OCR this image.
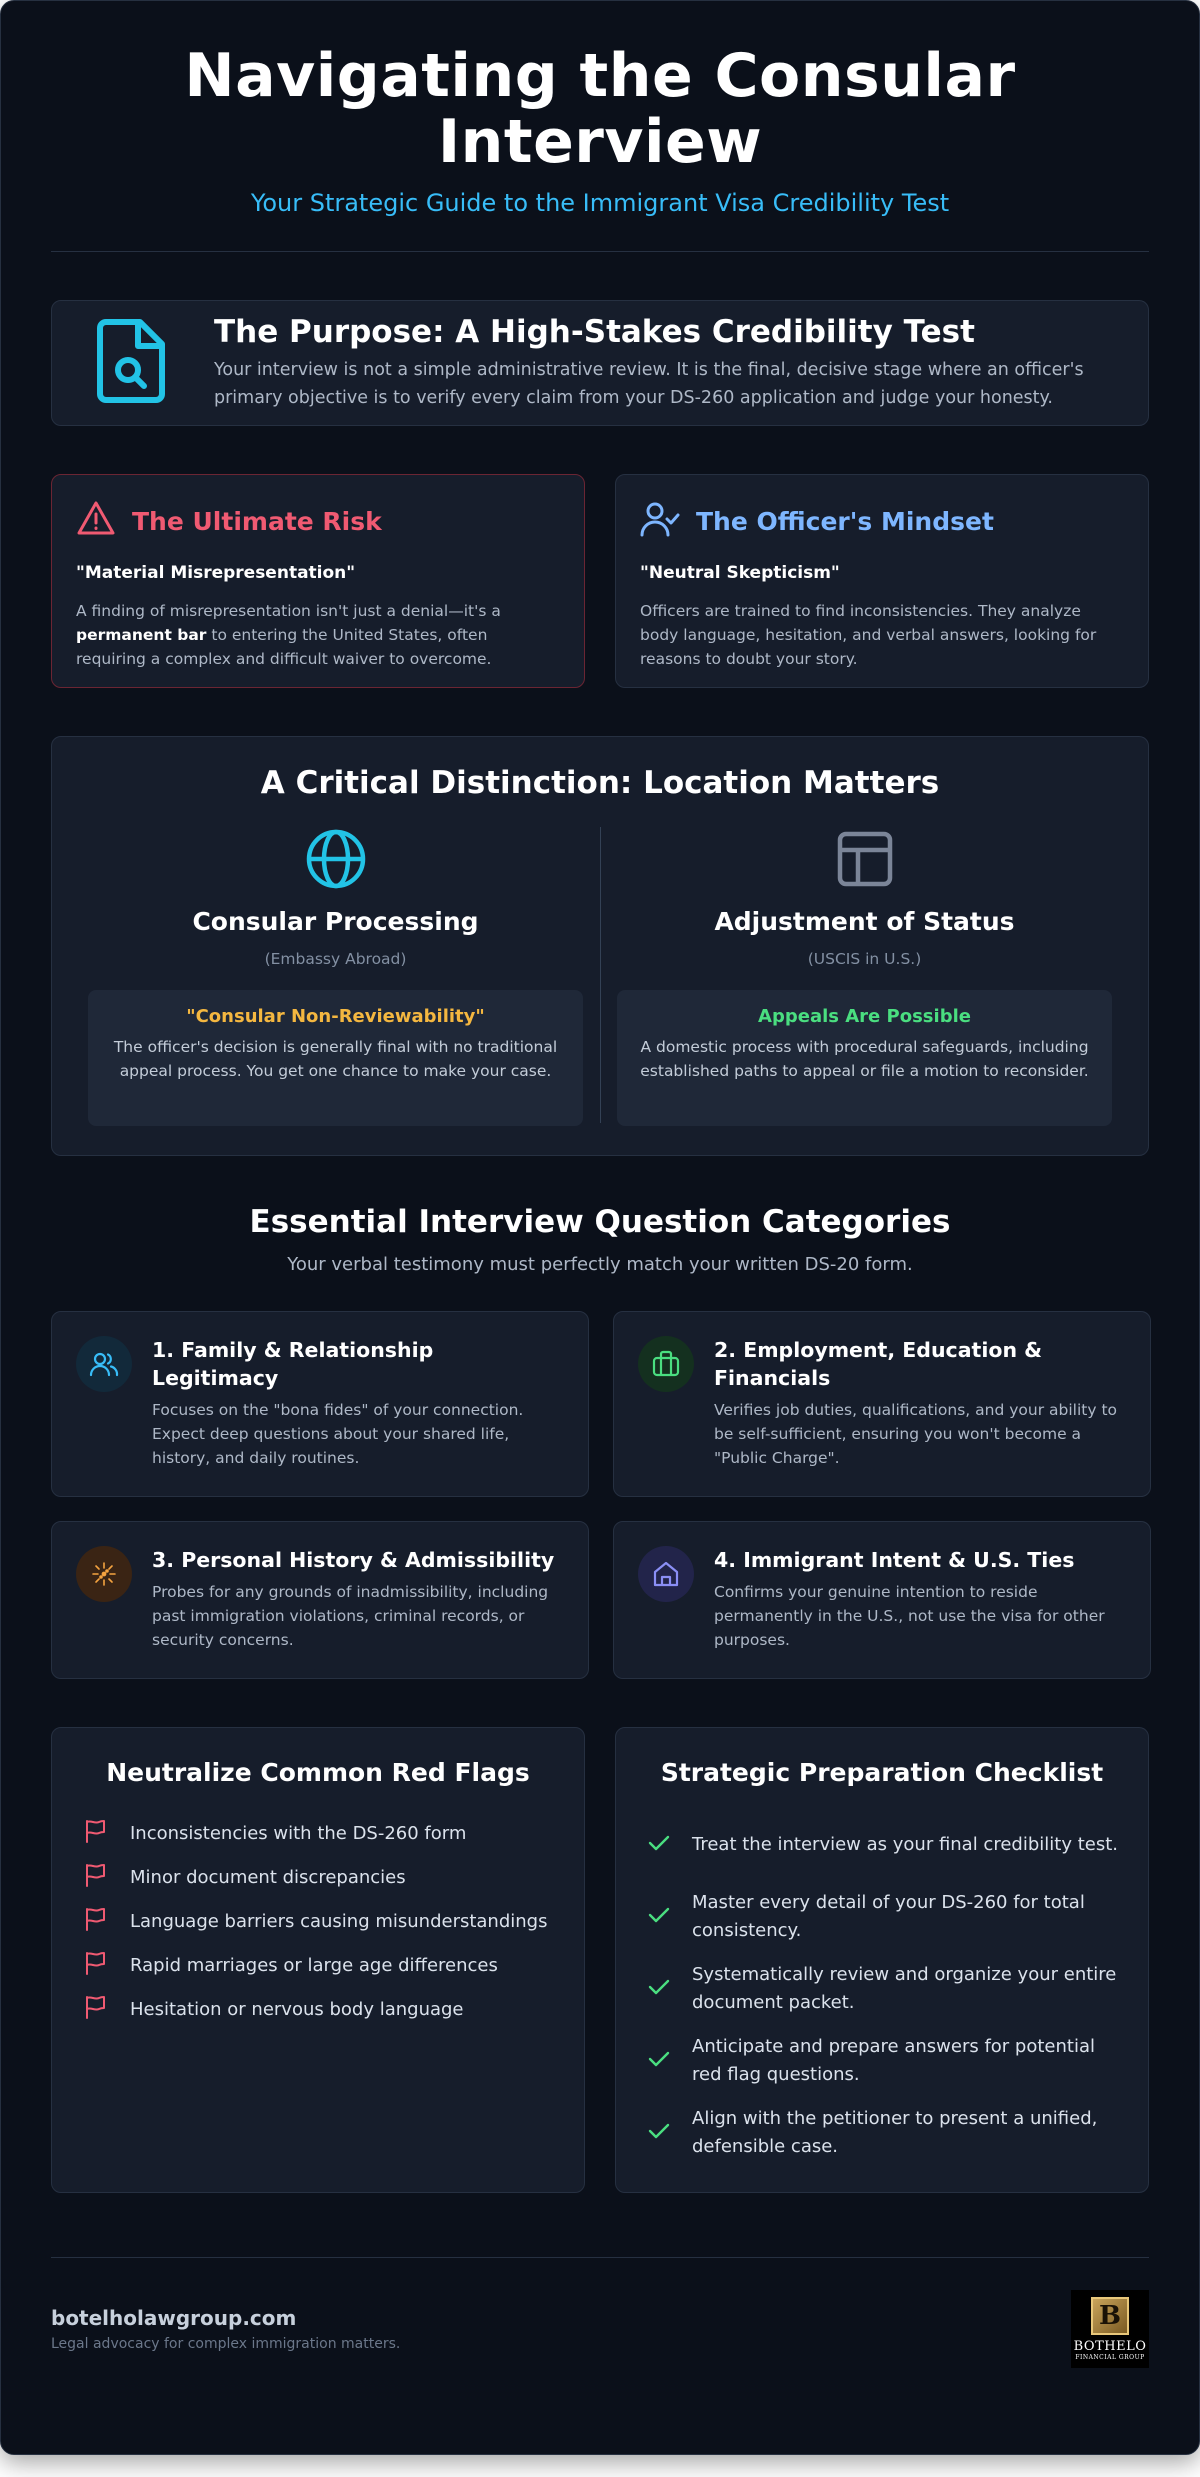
Navigating the Consular Interview
Your Strategic Guide to the Immigrant Visa Credibility Test
The Purpose: A High-Stakes Credibility Test
Your interview is not a simple administrative review. It is the final, decisive stage where an officer's primary objective is to verify every claim from your DS-260 application and judge your honesty.
The Ultimate Risk
"Material Misrepresentation"
A finding of misrepresentation isn't just a denial—it's a permanent bar to entering the United States, often requiring a complex and difficult waiver to overcome.
The Officer's Mindset
"Neutral Skepticism"
Officers are trained to find inconsistencies. They analyze body language, hesitation, and verbal answers, looking for reasons to doubt your story.
A Critical Distinction: Location Matters
Consular Processing
(Embassy Abroad)
"Consular Non-Reviewability"
The officer's decision is generally final with no traditional appeal process. You get one chance to make your case.
Adjustment of Status
(USCIS in U.S.)
Appeals Are Possible
A domestic process with procedural safeguards, including established paths to appeal or file a motion to reconsider.
Essential Interview Question Categories
Your verbal testimony must perfectly match your written DS-20 form.
1. Family & Relationship Legitimacy
Focuses on the "bona fides" of your connection. Expect deep questions about your shared life, history, and daily routines.
2. Employment, Education & Financials
Verifies job duties, qualifications, and your ability to be self-sufficient, ensuring you won't become a "Public Charge".
3. Personal History & Admissibility
Probes for any grounds of inadmissibility, including past immigration violations, criminal records, or security concerns.
4. Immigrant Intent & U.S. Ties
Confirms your genuine intention to reside permanently in the U.S., not use the visa for other purposes.
Neutralize Common Red Flags
Inconsistencies with the DS-260 form
Minor document discrepancies
Language barriers causing misunderstandings
Rapid marriages or large age differences
Hesitation or nervous body language
Strategic Preparation Checklist
Treat the interview as your final credibility test.
Master every detail of your DS-260 for total consistency.
Systematically review and organize your entire document packet.
Anticipate and prepare answers for potential red flag questions.
Align with the petitioner to present a unified, defensible case.
botelholawgroup.com
Legal advocacy for complex immigration matters.
B
BOTHELO
FINANCIAL GROUP
